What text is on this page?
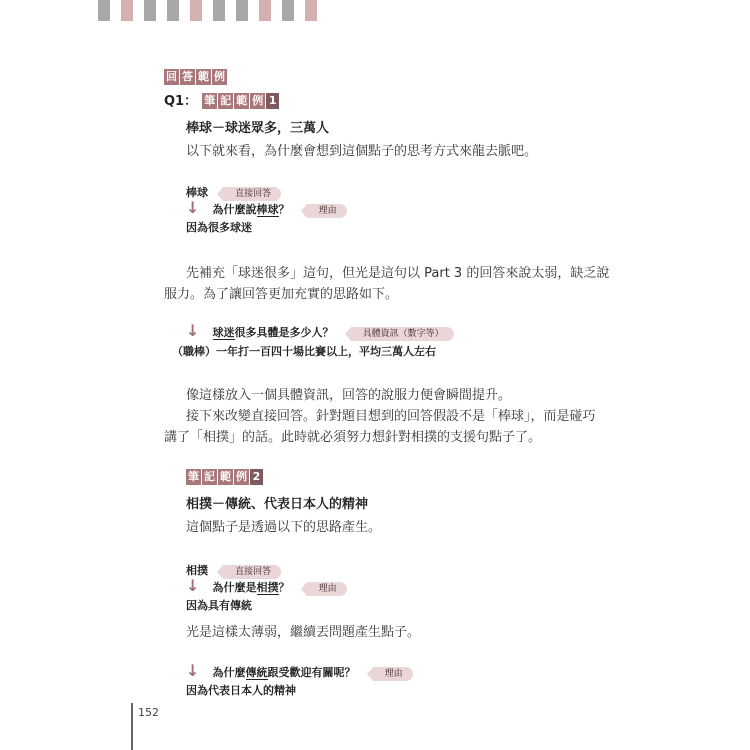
回 答 範 例
Q1： 筆 記 範 例 1
棒球－球迷眾多，三萬人
以下就來看，為什麼會想到這個點子的思考方式來龍去脈吧。
棒球	直接回答
↓ 為什麼說棒球？	理由
因為很多球迷
先補充「球迷很多」這句，但光是這句以 Part 3 的回答來說太弱，缺乏說
服力。為了讓回答更加充實的思路如下。
↓ 球迷很多具體是多少人？	具體資訊（數字等）
（職棒）一年打一百四十場比賽以上，平均三萬人左右
像這樣放入一個具體資訊，回答的說服力便會瞬間提升。
接下來改變直接回答。針對題目想到的回答假設不是「棒球」，而是碰巧
講了「相撲」的話。此時就必須努力想針對相撲的支援句點子了。
筆 記 範 例 2
相撲－傳統、代表日本人的精神
這個點子是透過以下的思路產生。
相撲	直接回答
↓ 為什麼是相撲？	理由
因為具有傳統
光是這樣太薄弱，繼續丟問題產生點子。
↓ 為什麼傳統跟受歡迎有關呢？	理由
因為代表日本人的精神
152
